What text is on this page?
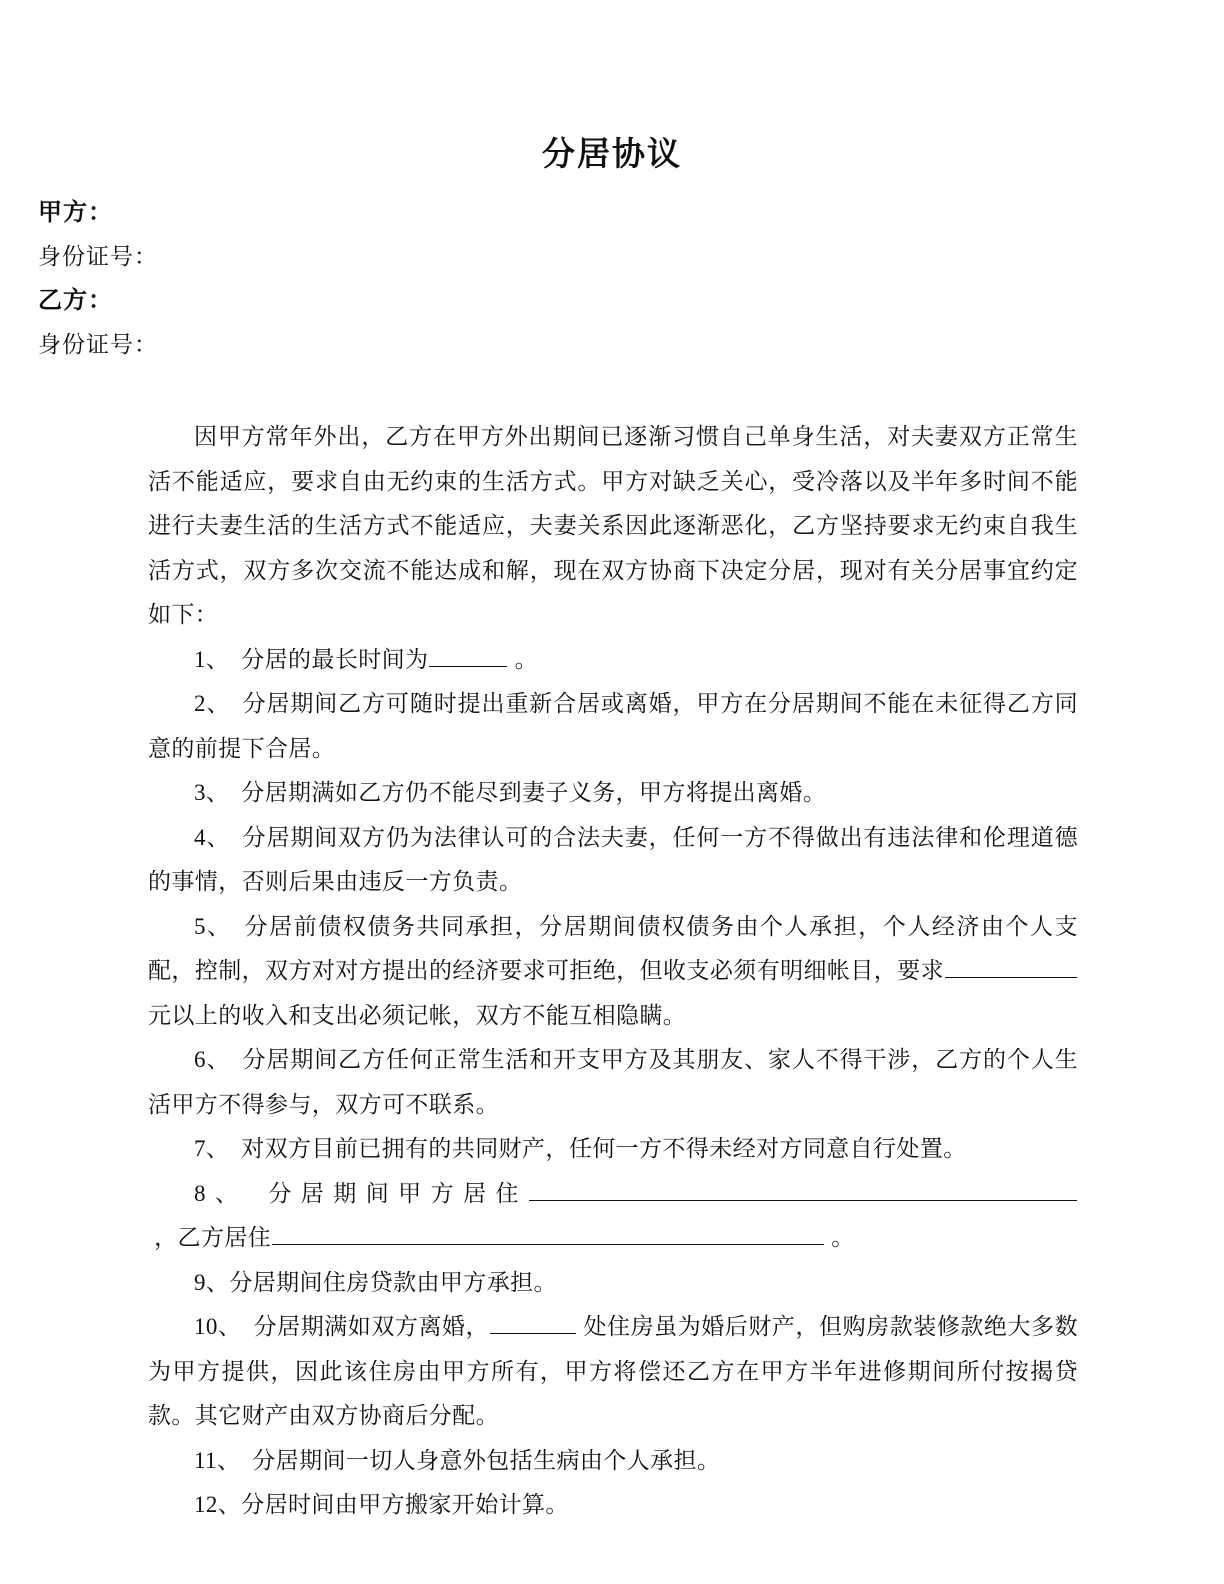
分居协议
甲方：
身份证号：
乙方：
身份证号：

因甲方常年外出，乙方在甲方外出期间已逐渐习惯自己单身生活，对夫妻双方正常生活不能适应，要求自由无约束的生活方式。甲方对缺乏关心，受冷落以及半年多时间不能进行夫妻生活的生活方式不能适应，夫妻关系因此逐渐恶化，乙方坚持要求无约束自我生活方式，双方多次交流不能达成和解，现在双方协商下决定分居，现对有关分居事宜约定如下：

1、　 分居的最长时间为	。

2、　 分居期间乙方可随时提出重新合居或离婚，甲方在分居期间不能在未征得乙方同意的前提下合居。

3、　 分居期满如乙方仍不能尽到妻子义务，甲方将提出离婚。

4、　 分居期间双方仍为法律认可的合法夫妻，任何一方不得做出有违法律和伦理道德的事情，否则后果由违反一方负责。

5、　 分居前债权债务共同承担，分居期间债权债务由个人承担，个人经济由个人支配，控制，双方对对方提出的经济要求可拒绝，但收支必须有明细帐目，要求元以上的收入和支出必须记帐，双方不能互相隐瞒。

6、　 分居期间乙方任何正常生活和开支甲方及其朋友、家人不得干涉，乙方的个人生活甲方不得参与，双方可不联系。

7、　 对双方目前已拥有的共同财产，任何一方不得未经对方同意自行处置。

8、　 分居期间甲方居住 ，乙方居住	。

9、分居期间住房贷款由甲方承担。

10、　 分居期满如双方离婚，	处住房虽为婚后财产，但购房款装修款绝大多数为甲方提供，因此该住房由甲方所有，甲方将偿还乙方在甲方半年进修期间所付按揭贷款。其它财产由双方协商后分配。

11、　 分居期间一切人身意外包括生病由个人承担。

12、分居时间由甲方搬家开始计算。
